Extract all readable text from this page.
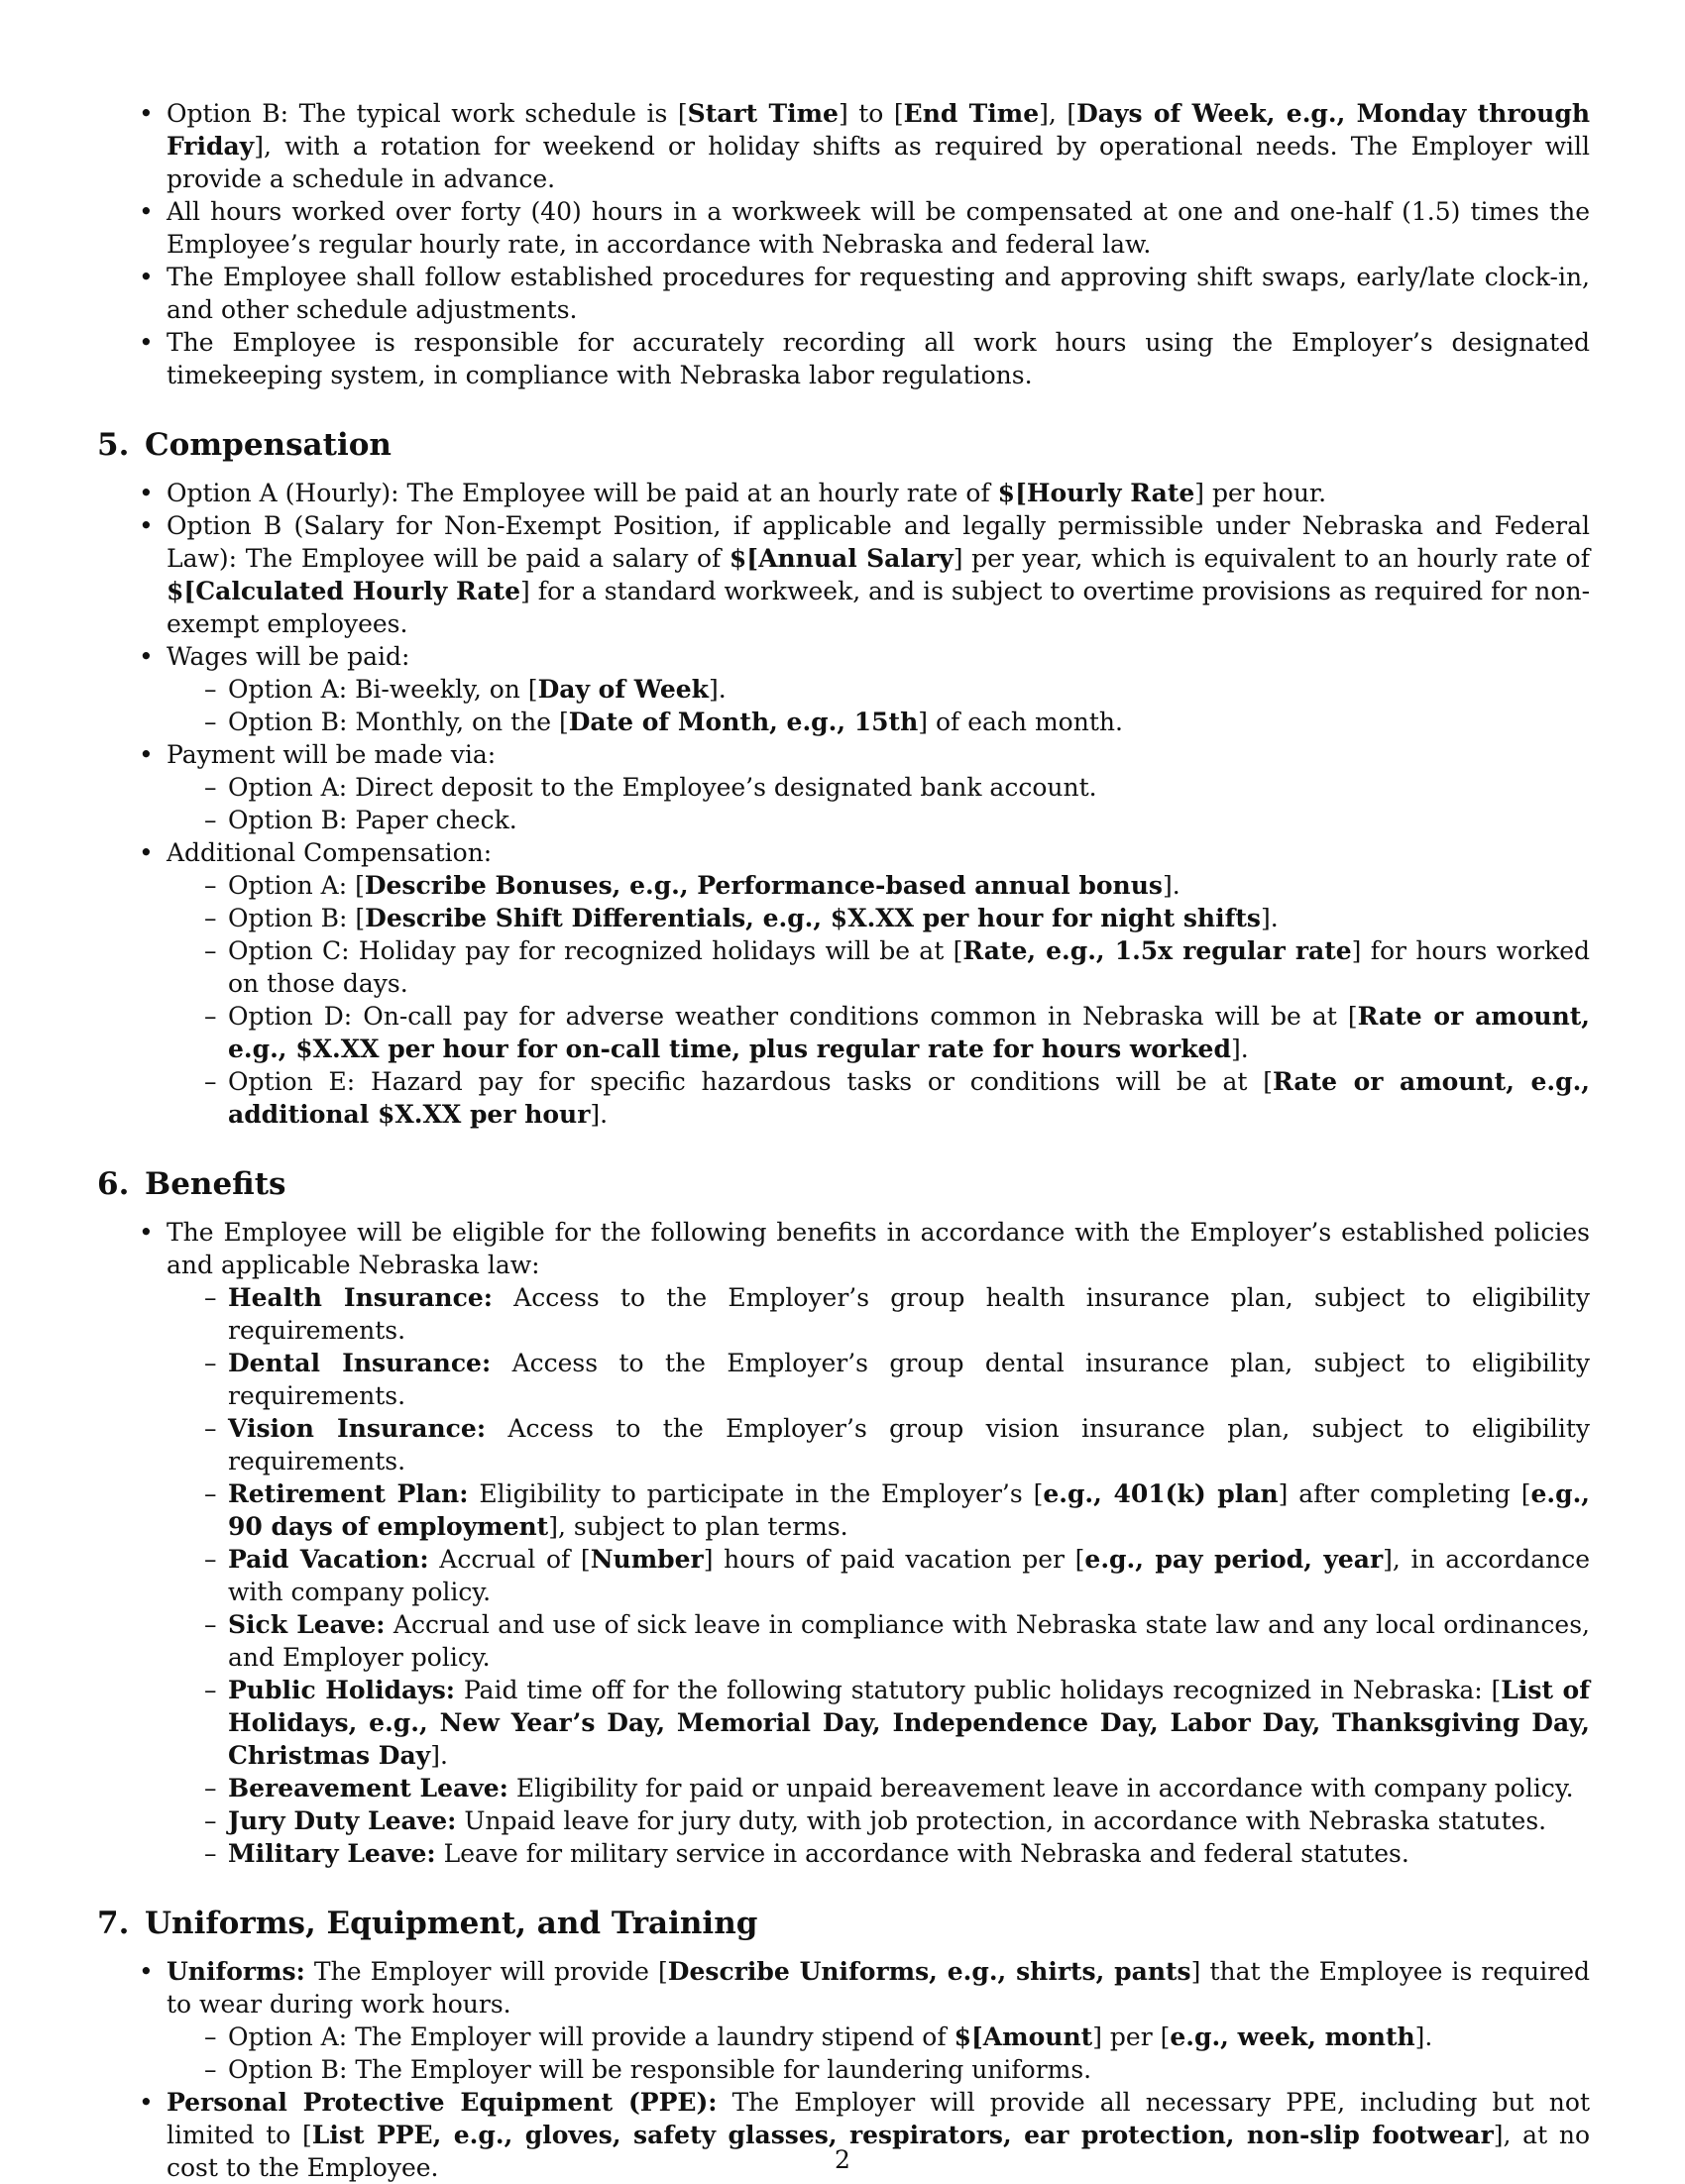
• Option B: The typical work schedule is [Start Time] to [End Time], [Days of Week, e.g., Monday through Friday], with a rotation for weekend or holiday shifts as required by operational needs. The Employer will provide a schedule in advance.
• All hours worked over forty (40) hours in a workweek will be compensated at one and one-half (1.5) times the Employee’s regular hourly rate, in accordance with Nebraska and federal law.
• The Employee shall follow established procedures for requesting and approving shift swaps, early/late clock-in, and other schedule adjustments.
• The Employee is responsible for accurately recording all work hours using the Employer’s designated timekeeping system, in compliance with Nebraska labor regulations.
5. Compensation
• Option A (Hourly): The Employee will be paid at an hourly rate of $[Hourly Rate] per hour.
• Option B (Salary for Non-Exempt Position, if applicable and legally permissible under Nebraska and Federal Law): The Employee will be paid a salary of $[Annual Salary] per year, which is equivalent to an hourly rate of $[Calculated Hourly Rate] for a standard workweek, and is subject to overtime provisions as required for non-exempt employees.
• Wages will be paid:
– Option A: Bi-weekly, on [Day of Week].
– Option B: Monthly, on the [Date of Month, e.g., 15th] of each month.
• Payment will be made via:
– Option A: Direct deposit to the Employee’s designated bank account.
– Option B: Paper check.
• Additional Compensation:
– Option A: [Describe Bonuses, e.g., Performance-based annual bonus].
– Option B: [Describe Shift Differentials, e.g., $X.XX per hour for night shifts].
– Option C: Holiday pay for recognized holidays will be at [Rate, e.g., 1.5x regular rate] for hours worked on those days.
– Option D: On-call pay for adverse weather conditions common in Nebraska will be at [Rate or amount, e.g., $X.XX per hour for on-call time, plus regular rate for hours worked].
– Option E: Hazard pay for specific hazardous tasks or conditions will be at [Rate or amount, e.g., additional $X.XX per hour].
6. Benefits
• The Employee will be eligible for the following benefits in accordance with the Employer’s established policies and applicable Nebraska law:
– Health Insurance: Access to the Employer’s group health insurance plan, subject to eligibility requirements.
– Dental Insurance: Access to the Employer’s group dental insurance plan, subject to eligibility requirements.
– Vision Insurance: Access to the Employer’s group vision insurance plan, subject to eligibility requirements.
– Retirement Plan: Eligibility to participate in the Employer’s [e.g., 401(k) plan] after completing [e.g., 90 days of employment], subject to plan terms.
– Paid Vacation: Accrual of [Number] hours of paid vacation per [e.g., pay period, year], in accordance with company policy.
– Sick Leave: Accrual and use of sick leave in compliance with Nebraska state law and any local ordinances, and Employer policy.
– Public Holidays: Paid time off for the following statutory public holidays recognized in Nebraska: [List of Holidays, e.g., New Year’s Day, Memorial Day, Independence Day, Labor Day, Thanksgiving Day, Christmas Day].
– Bereavement Leave: Eligibility for paid or unpaid bereavement leave in accordance with company policy.
– Jury Duty Leave: Unpaid leave for jury duty, with job protection, in accordance with Nebraska statutes.
– Military Leave: Leave for military service in accordance with Nebraska and federal statutes.
7. Uniforms, Equipment, and Training
• Uniforms: The Employer will provide [Describe Uniforms, e.g., shirts, pants] that the Employee is required to wear during work hours.
– Option A: The Employer will provide a laundry stipend of $[Amount] per [e.g., week, month].
– Option B: The Employer will be responsible for laundering uniforms.
• Personal Protective Equipment (PPE): The Employer will provide all necessary PPE, including but not limited to [List PPE, e.g., gloves, safety glasses, respirators, ear protection, non-slip footwear], at no cost to the Employee.	2
